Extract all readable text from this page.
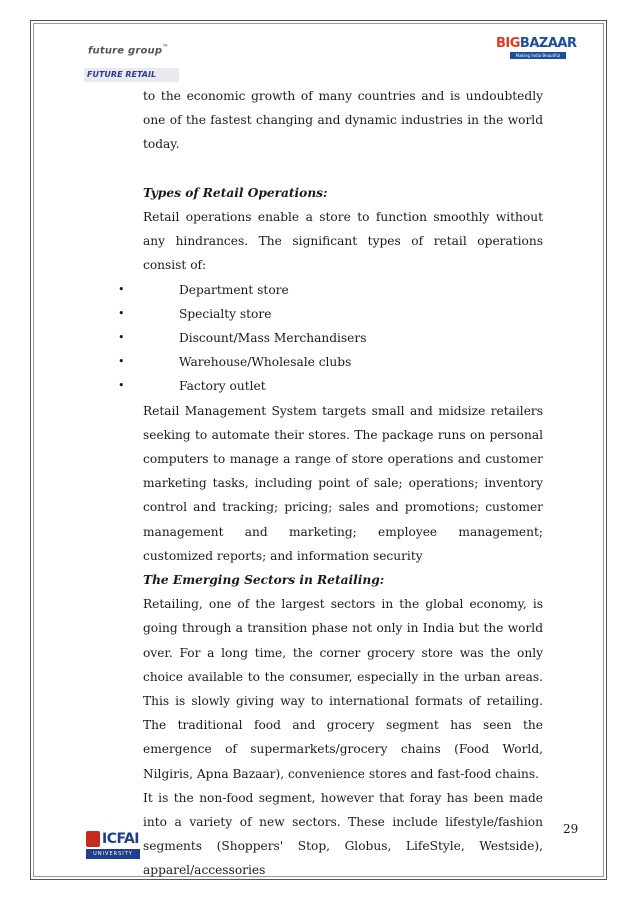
future group™
FUTURE RETAIL
BIGBAZAAR
Making India Beautiful

to the economic growth of many countries and is undoubtedly one of the fastest changing and dynamic industries in the world today.

Types of Retail Operations:

Retail operations enable a store to function smoothly without any hindrances. The significant types of retail operations consist of:

•	Department store
•	Specialty store
•	Discount/Mass Merchandisers
•	Warehouse/Wholesale clubs
•	Factory outlet

Retail Management System targets small and midsize retailers seeking to automate their stores. The package runs on personal computers to manage a range of store operations and customer marketing tasks, including point of sale; operations; inventory control and tracking; pricing; sales and promotions; customer management and marketing; employee management; customized reports; and information security

The Emerging Sectors in Retailing:

Retailing, one of the largest sectors in the global economy, is going through a transition phase not only in India but the world over. For a long time, the corner grocery store was the only choice available to the consumer, especially in the urban areas. This is slowly giving way to international formats of retailing. The traditional food and grocery segment has seen the emergence of supermarkets/grocery chains (Food World, Nilgiris, Apna Bazaar), convenience stores and fast-food chains.

It is the non-food segment, however that foray has been made into a variety of new sectors. These include lifestyle/fashion segments (Shoppers' Stop, Globus, LifeStyle, Westside), apparel/accessories

29
ICFAI
UNIVERSITY NAGALAND
